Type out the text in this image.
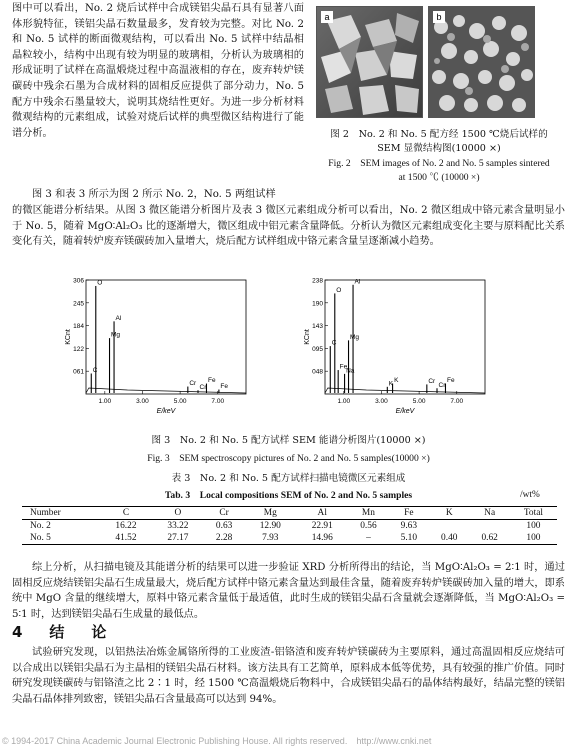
图中可以看出，No. 2 烧后试样中合成镁铝尖晶石具有显著八面体形貌特征，镁铝尖晶石数量最多，发育较为完整。对比 No. 2 和 No. 5 试样的断面微观结构，可以看出 No. 5 试样中结晶相晶粒较小，结构中出现有较为明显的玻璃相，分析认为玻璃相的形成证明了试样在高温煅烧过程中高温液相的存在，废弃转炉镁碳砖中残余石墨为合成材料的固相反应提供了部分动力，No. 5 配方中残余石墨量较大，说明其烧结性更好。为进一步分析材料微观结构的元素组成，试验对烧后试样的典型微区结构进行了能谱分析。

a	b
图 2　No. 2 和 No. 5 配方经 1500 ℃烧后试样的 SEM 显微结构图(10000 ×)
Fig. 2　SEM images of No. 2 and No. 5 samples sintered at 1500 ℃ (10000 ×)

图 3 和表 3 所示为图 2 所示 No. 2，No. 5 两组试样

的微区能谱分析结果。从图 3 微区能谱分析图片及表 3 微区元素组成分析可以看出，No. 2 微区组成中铬元素含量明显小于 No. 5，随着 MgO∶Al₂O₃ 比的逐渐增大，微区组成中铝元素含量降低。分析认为微区元素组成变化主要与原料配比关系变化有关，随着转炉废弃镁碳砖加入量增大，烧后配方试样组成中铬元素含量呈逐渐减小趋势。

306
245
184
122
061
1.00	3.00	5.00	7.00
KCnt
E/keV
C
O
Mg
Al
Cr
Cr
Fe
Fe
238
190
143
095
048
1.00	3.00	5.00	7.00
KCnt
E/keV
C
O
Fe
Na
Mg
Al
K K	Cr
Cr
Fe
图 3　No. 2 和 No. 5 配方试样 SEM 能谱分析图片(10000 ×)
Fig. 3　SEM spectroscopy pictures of No. 2 and No. 5 samples(10000 ×)
表 3　No. 2 和 No. 5 配方试样扫描电镜微区元素组成
Tab. 3　Local compositions SEM of No. 2 and No. 5 samples	/wt%
Number	C	O	Cr	Mg	Al	Mn	Fe	K	Na	Total
No. 2	16.22	33.22	0.63	12.90	22.91	0.56	9.63			100
No. 5	41.52	27.17	2.28	7.93	14.96	–	5.10	0.40	0.62	100

综上分析，从扫描电镜及其能谱分析的结果可以进一步验证 XRD 分析所得出的结论，当 MgO∶Al₂O₃ = 2∶1 时，通过固相反应烧结镁铝尖晶石生成量最大，烧后配方试样中铬元素含量达到最佳含量，随着废弃转炉镁碳砖加入量的增大，即系统中 MgO 含量的继续增大，原料中铬元素含量低于最适值，此时生成的镁铝尖晶石含量就会逐渐降低，当 MgO∶Al₂O₃ = 5∶1 时，达到镁铝尖晶石生成量的最低点。

4　结　论

试验研究发现，以铝热法冶炼金属铬所得的工业废渣-铝铬渣和废弃转炉镁碳砖为主要原料，通过高温固相反应烧结可以合成出以镁铝尖晶石为主晶相的镁铝尖晶石材料。该方法具有工艺简单，原料成本低等优势，具有较强的推广价值。同时研究发现镁碳砖与铝铬渣之比 2∶1 时，经 1500 ℃高温煅烧后物料中，合成镁铝尖晶石的晶体结构最好，结晶完整的镁铝尖晶石晶体排列致密，镁铝尖晶石含量最高可以达到 94%。

© 1994-2017 China Academic Journal Electronic Publishing House. All rights reserved.　http://www.cnki.net
